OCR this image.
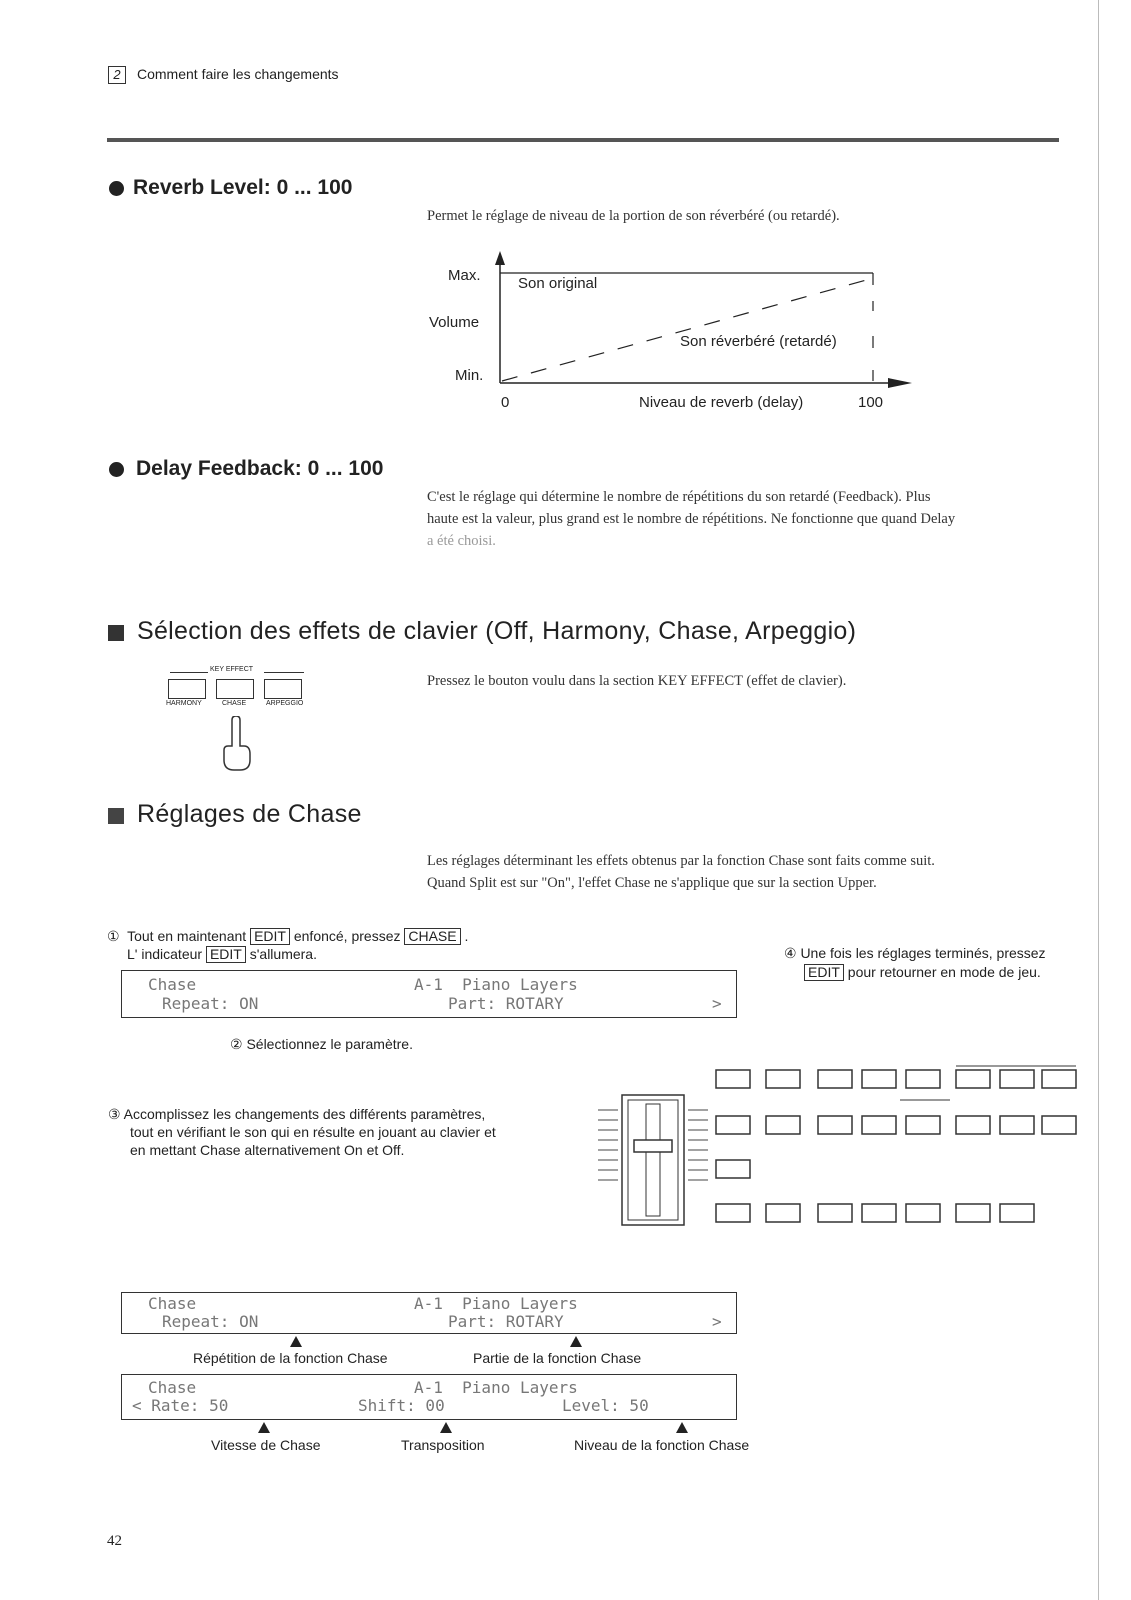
2	Comment faire les changements
Reverb Level: 0 ... 100
Permet le réglage de niveau de la portion de son réverbéré (ou retardé).
Max.
Volume
Min.
Son original
Son réverbéré (retardé)
0	Niveau de reverb (delay)	100
Delay Feedback: 0 ... 100
C'est le réglage qui détermine le nombre de répétitions du son retardé (Feedback). Plus
haute est la valeur, plus grand est le nombre de répétitions. Ne fonctionne que quand Delay
a été choisi.
Sélection des effets de clavier (Off, Harmony, Chase, Arpeggio)
KEY EFFECT
HARMONY	CHASE	ARPEGGIO
Pressez le bouton voulu dans la section KEY EFFECT (effet de clavier).
Réglages de Chase
Les réglages déterminant les effets obtenus par la fonction Chase sont faits comme suit.
Quand Split est sur "On", l'effet Chase ne s'applique que sur la section Upper.
① Tout en maintenant EDIT enfoncé, pressez CHASE .
L' indicateur EDIT s'allumera.	④ Une fois les réglages terminés, pressez
EDIT pour retourner en mode de jeu.

Chase

	A-1  Piano Layers

Repeat: ON

	Part: ROTARY

	>

② Sélectionnez le paramètre.
③ Accomplissez les changements des différents paramètres,
tout en vérifiant le son qui en résulte en jouant au clavier et
en mettant Chase alternativement On et Off.

Chase

	A-1  Piano Layers

Repeat: ON

	Part: ROTARY

	>

Répétition de la fonction Chase	Partie de la fonction Chase

Chase

	A-1  Piano Layers

< Rate: 50

	Shift: 00

	Level: 50

Vitesse de Chase	Transposition	Niveau de la fonction Chase
42
